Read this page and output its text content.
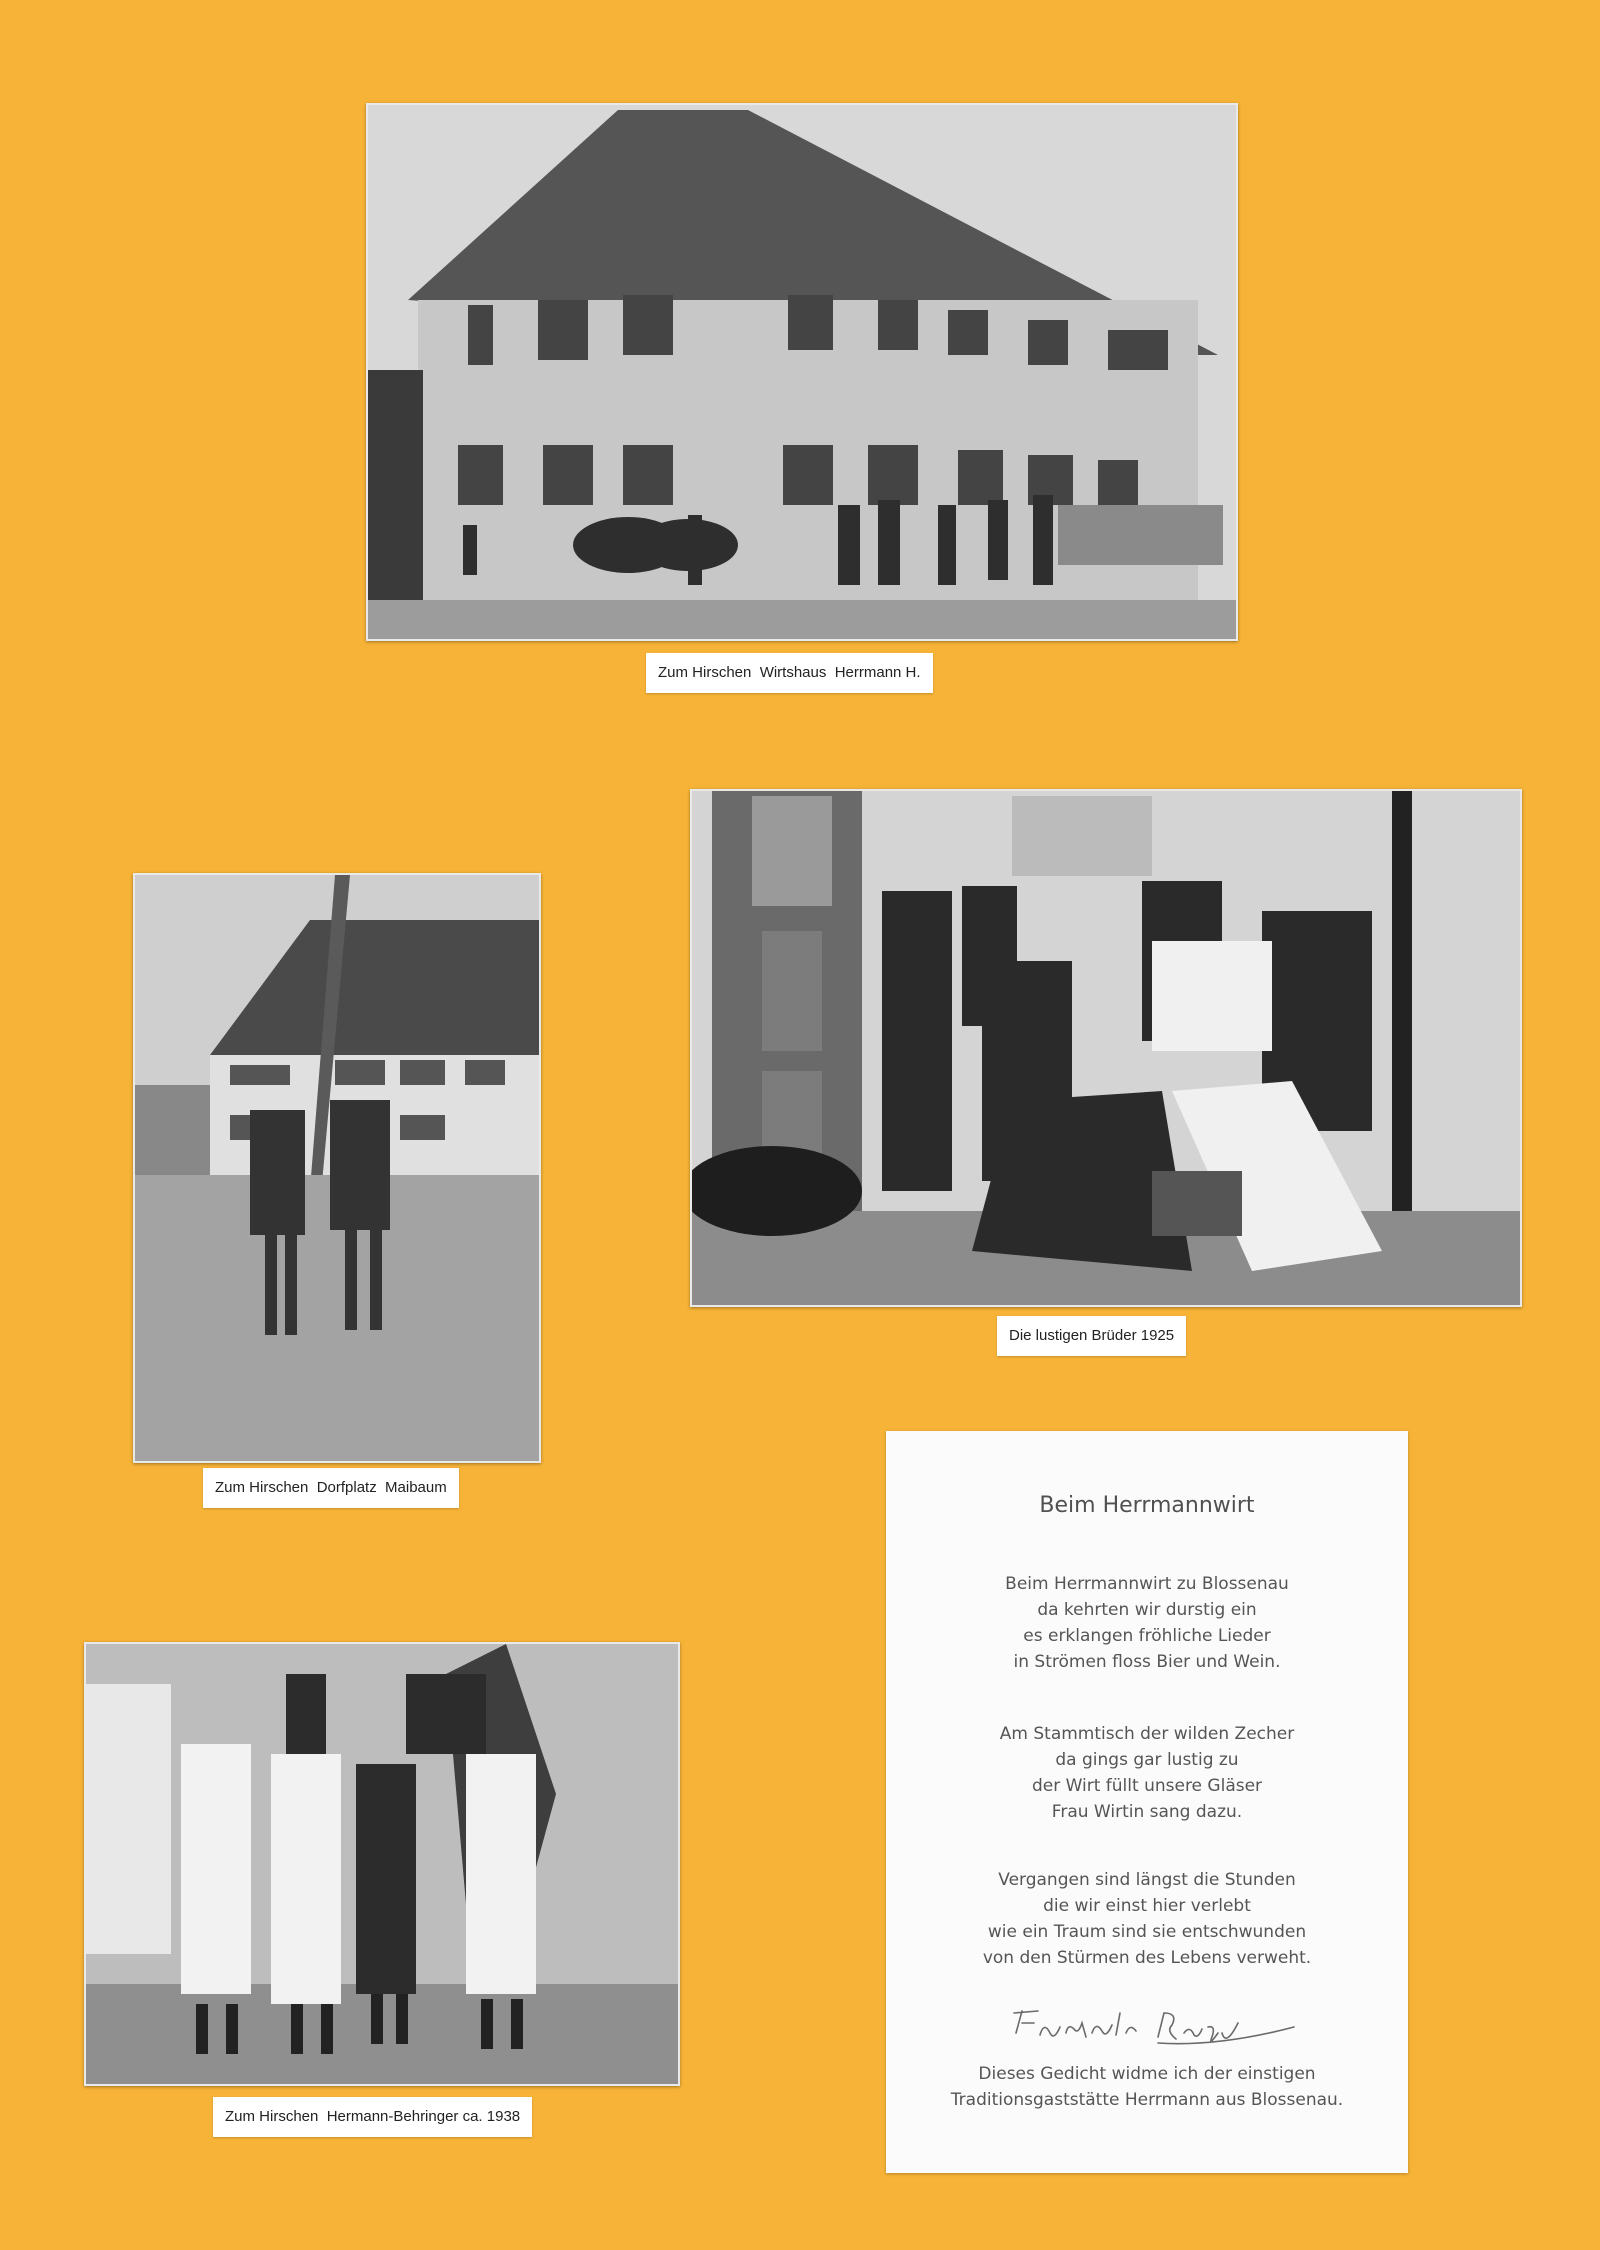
Zum Hirschen  Wirtshaus  Herrmann H.
Zum Hirschen  Dorfplatz  Maibaum
Die lustigen Brüder 1925
Zum Hirschen  Hermann-Behringer ca. 1938
Beim Herrmannwirt
Beim Herrmannwirt zu Blossenau
da kehrten wir durstig ein
es erklangen fröhliche Lieder
in Strömen floss Bier und Wein.
Am Stammtisch der wilden Zecher
da gings gar lustig zu
der Wirt füllt unsere Gläser
Frau Wirtin sang dazu.
Vergangen sind längst die Stunden
die wir einst hier verlebt
wie ein Traum sind sie entschwunden
von den Stürmen des Lebens verweht.
Dieses Gedicht widme ich der einstigen
Traditionsgaststätte Herrmann aus Blossenau.
